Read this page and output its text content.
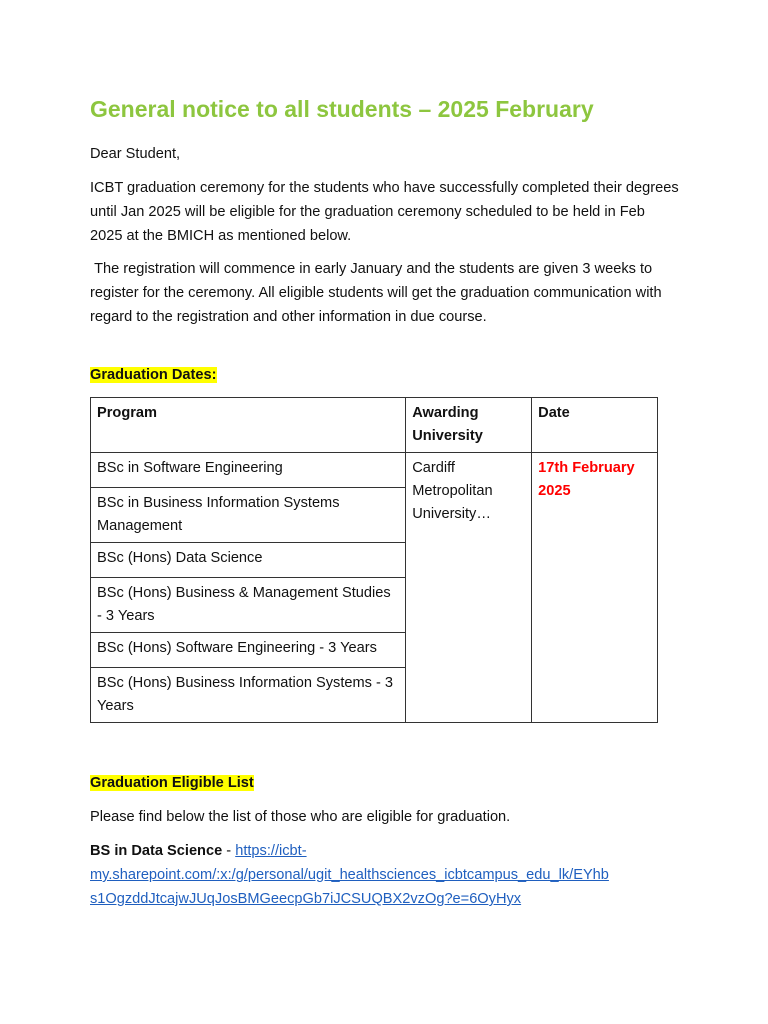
General notice to all students – 2025 February

Dear Student,

ICBT graduation ceremony for the students who have successfully completed their degrees until Jan 2025 will be eligible for the graduation ceremony scheduled to be held in Feb 2025 at the BMICH as mentioned below.

The registration will commence in early January and the students are given 3 weeks to register for the ceremony. All eligible students will get the graduation communication with regard to the registration and other information in due course.

Graduation Dates:

Program	Awarding University	Date
BSc in Software Engineering	Cardiff Metropolitan University…	17th February 2025
BSc in Business Information Systems Management		
BSc (Hons) Data Science		
BSc (Hons) Business & Management Studies - 3 Years		
BSc (Hons) Software Engineering - 3 Years		
BSc (Hons) Business Information Systems - 3 Years		

Graduation Eligible List

Please find below the list of those who are eligible for graduation.

BS in Data Science - https://icbt-
my.sharepoint.com/:x:/g/personal/ugit_healthsciences_icbtcampus_edu_lk/EYhb
s1OgzddJtcajwJUqJosBMGeecpGb7iJCSUQBX2vzOg?e=6OyHyx
